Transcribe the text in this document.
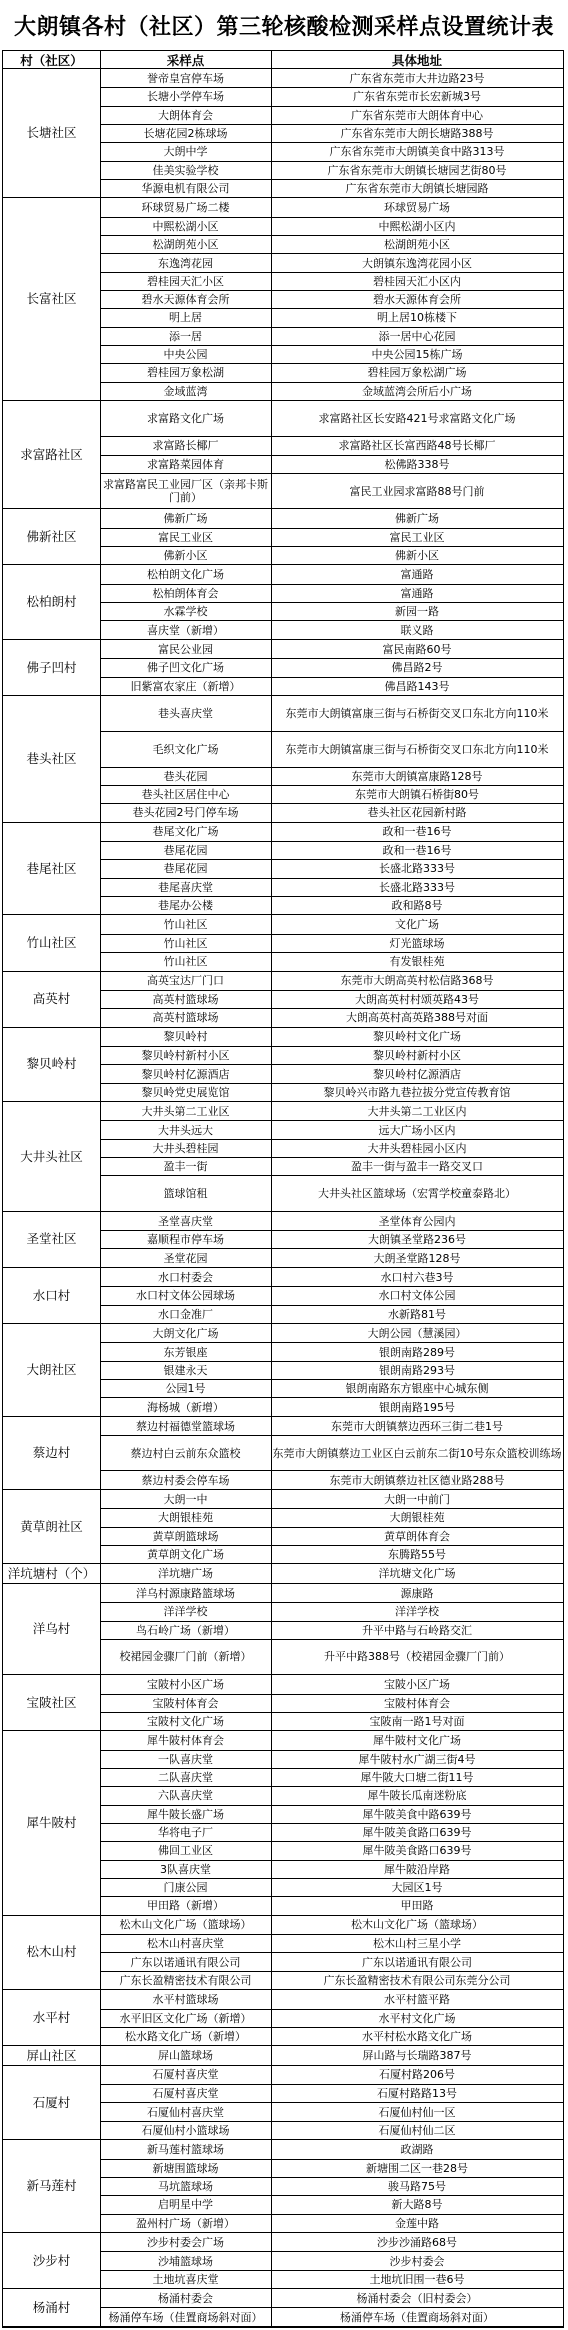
大朗镇各村（社区）第三轮核酸检测采样点设置统计表
村（社区）	采样点	具体地址
长塘社区
誉帝皇宫停车场	广东省东莞市大井边路23号
长塘小学停车场	广东省东莞市长宏新城3号
大朗体育会	广东省东莞市大朗体育中心
长塘花园2栋球场	广东省东莞市大朗长塘路388号
大朗中学	广东省东莞市大朗镇美食中路313号
佳美实验学校	广东省东莞市大朗镇长塘园艺街80号
华源电机有限公司	广东省东莞市大朗镇长塘园路
长富社区
环球贸易广场二楼	环球贸易广场
中熙松湖小区	中熙松湖小区内
松湖朗苑小区	松湖朗苑小区
东逸湾花园	大朗镇东逸湾花园小区
碧桂园天汇小区	碧桂园天汇小区内
碧水天源体育会所	碧水天源体育会所
明上居	明上居10栋楼下
添一居	添一居中心花园
中央公园	中央公园15栋广场
碧桂园万象松湖	碧桂园万象松湖广场
金域蓝湾	金域蓝湾会所后小广场
求富路社区
求富路文化广场	求富路社区长安路421号求富路文化广场
求富路长椰厂	求富路社区长富西路48号长椰厂
求富路菜园体育	松佛路338号
求富路富民工业园厂区（亲邦卡斯门前）	富民工业园求富路88号门前
佛新社区
佛新广场	佛新广场
富民工业区	富民工业区
佛新小区	佛新小区
松柏朗村
松柏朗文化广场	富通路
松柏朗体育会	富通路
水霖学校	新园一路
喜庆堂（新增）	联义路
佛子凹村
富民公业园	富民南路60号
佛子凹文化广场	佛昌路2号
旧紫富农家庄（新增）	佛昌路143号
巷头社区
巷头喜庆堂	东莞市大朗镇富康三街与石桥街交叉口东北方向110米
毛织文化广场	东莞市大朗镇富康三街与石桥街交叉口东北方向110米
巷头花园	东莞市大朗镇富康路128号
巷头社区居住中心	东莞市大朗镇石桥街80号
巷头花园2号门停车场	巷头社区花园新村路
巷尾社区
巷尾文化广场	政和一巷16号
巷尾花园	政和一巷16号
巷尾花园	长盛北路333号
巷尾喜庆堂	长盛北路333号
巷尾办公楼	政和路8号
竹山社区
竹山社区	文化广场
竹山社区	灯光篮球场
竹山社区	有发银桂苑
高英村
高英宝达厂门口	东莞市大朗高英村松信路368号
高英村篮球场	大朗高英村村颂英路43号
高英村篮球场	大朗高英村高英路388号对面
黎贝岭村
黎贝岭村	黎贝岭村文化广场
黎贝岭村新村小区	黎贝岭村新村小区
黎贝岭村亿源酒店	黎贝岭村亿源酒店
黎贝岭党史展览馆	黎贝岭兴市路九巷拉拔分党宣传教育馆
大井头社区
大井头第二工业区	大井头第二工业区内
大井头远大	远大广场小区内
大井头碧桂园	大井头碧桂园小区内
盈丰一街	盈丰一街与盈丰一路交叉口
篮球馆租	大井头社区篮球场（宏霄学校童泰路北）
圣堂社区
圣堂喜庆堂	圣堂体育公园内
嘉顺程市停车场	大朗镇圣堂路236号
圣堂花园	大朗圣堂路128号
水口村
水口村委会	水口村六巷3号
水口村文体公园球场	水口村文体公园
水口金准厂	水新路81号
大朗社区
大朗文化广场	大朗公园（慧溪园）
东芳银座	银朗南路289号
银建永天	银朗南路293号
公园1号	银朗南路东方银座中心城东侧
海杨城（新增）	银朗南路195号
蔡边村
蔡边村福德堂篮球场	东莞市大朗镇蔡边西环三街二巷1号
蔡边村白云前东众篮校	东莞市大朗镇蔡边工业区白云前东二街10号东众篮校训练场
蔡边村委会停车场	东莞市大朗镇蔡边社区德业路288号
黄草朗社区
大朗一中	大朗一中前门
大朗银桂苑	大朗银桂苑
黄草朗篮球场	黄草朗体育会
黄草朗文化广场	东腾路55号
洋坑塘村（个）	洋坑塘广场	洋坑塘文化广场
洋乌村
洋乌村源康路篮球场	源康路
洋洋学校	洋洋学校
鸟石岭广场（新增）	升平中路与石岭路交汇
校裙园金骤厂门前（新增）	升平中路388号（校裙园金骤厂门前）
宝陂社区
宝陂村小区广场	宝陂小区广场
宝陂村体育会	宝陂村体育会
宝陂村文化广场	宝陂南一路1号对面
犀牛陂村
犀牛陂村体育会	犀牛陂村文化广场
一队喜庆堂	犀牛陂村水广湖三街4号
二队喜庆堂	犀牛陂大口塘二街11号
六队喜庆堂	犀牛陂长瓜南迷粉底
犀牛陂长盛广场	犀牛陂美食中路639号
华将电子厂	犀牛陂美食路口639号
佛回工业区	犀牛陂美食路口639号
3队喜庆堂	犀牛陂沿岸路
门康公园	大园区1号
甲田路（新增）	甲田路
松木山村
松木山文化广场（篮球场）	松木山文化广场（篮球场）
松木山村喜庆堂	松木山村三星小学
广东以诺通讯有限公司	广东以诺通讯有限公司
广东长盈精密技术有限公司	广东长盈精密技术有限公司东莞分公司
水平村
水平村篮球场	水平村篮平路
水平旧区文化广场（新增）	水平村文化广场
松水路文化广场（新增）	水平村松水路文化广场
屏山社区	屏山篮球场	屏山路与长瑞路387号
石厦村
石厦村喜庆堂	石厦村路206号
石厦村喜庆堂	石厦村路路13号
石厦仙村喜庆堂	石厦仙村仙一区
石厦仙村小篮球场	石厦仙村仙二区
新马莲村
新马莲村篮球场	政湖路
新塘围篮球场	新塘围二区一巷28号
马坑篮球场	骏马路75号
启明星中学	新大路8号
盈州村广场（新增）	金莲中路
沙步村
沙步村委会广场	沙步沙涌路68号
沙埔篮球场	沙步村委会
土地坑喜庆堂	土地坑旧围一巷6号
杨涌村
杨涌村委会	杨涌村委会（旧村委会）
杨涌停车场（佳置商场斜对面）	杨涌停车场（佳置商场斜对面）
